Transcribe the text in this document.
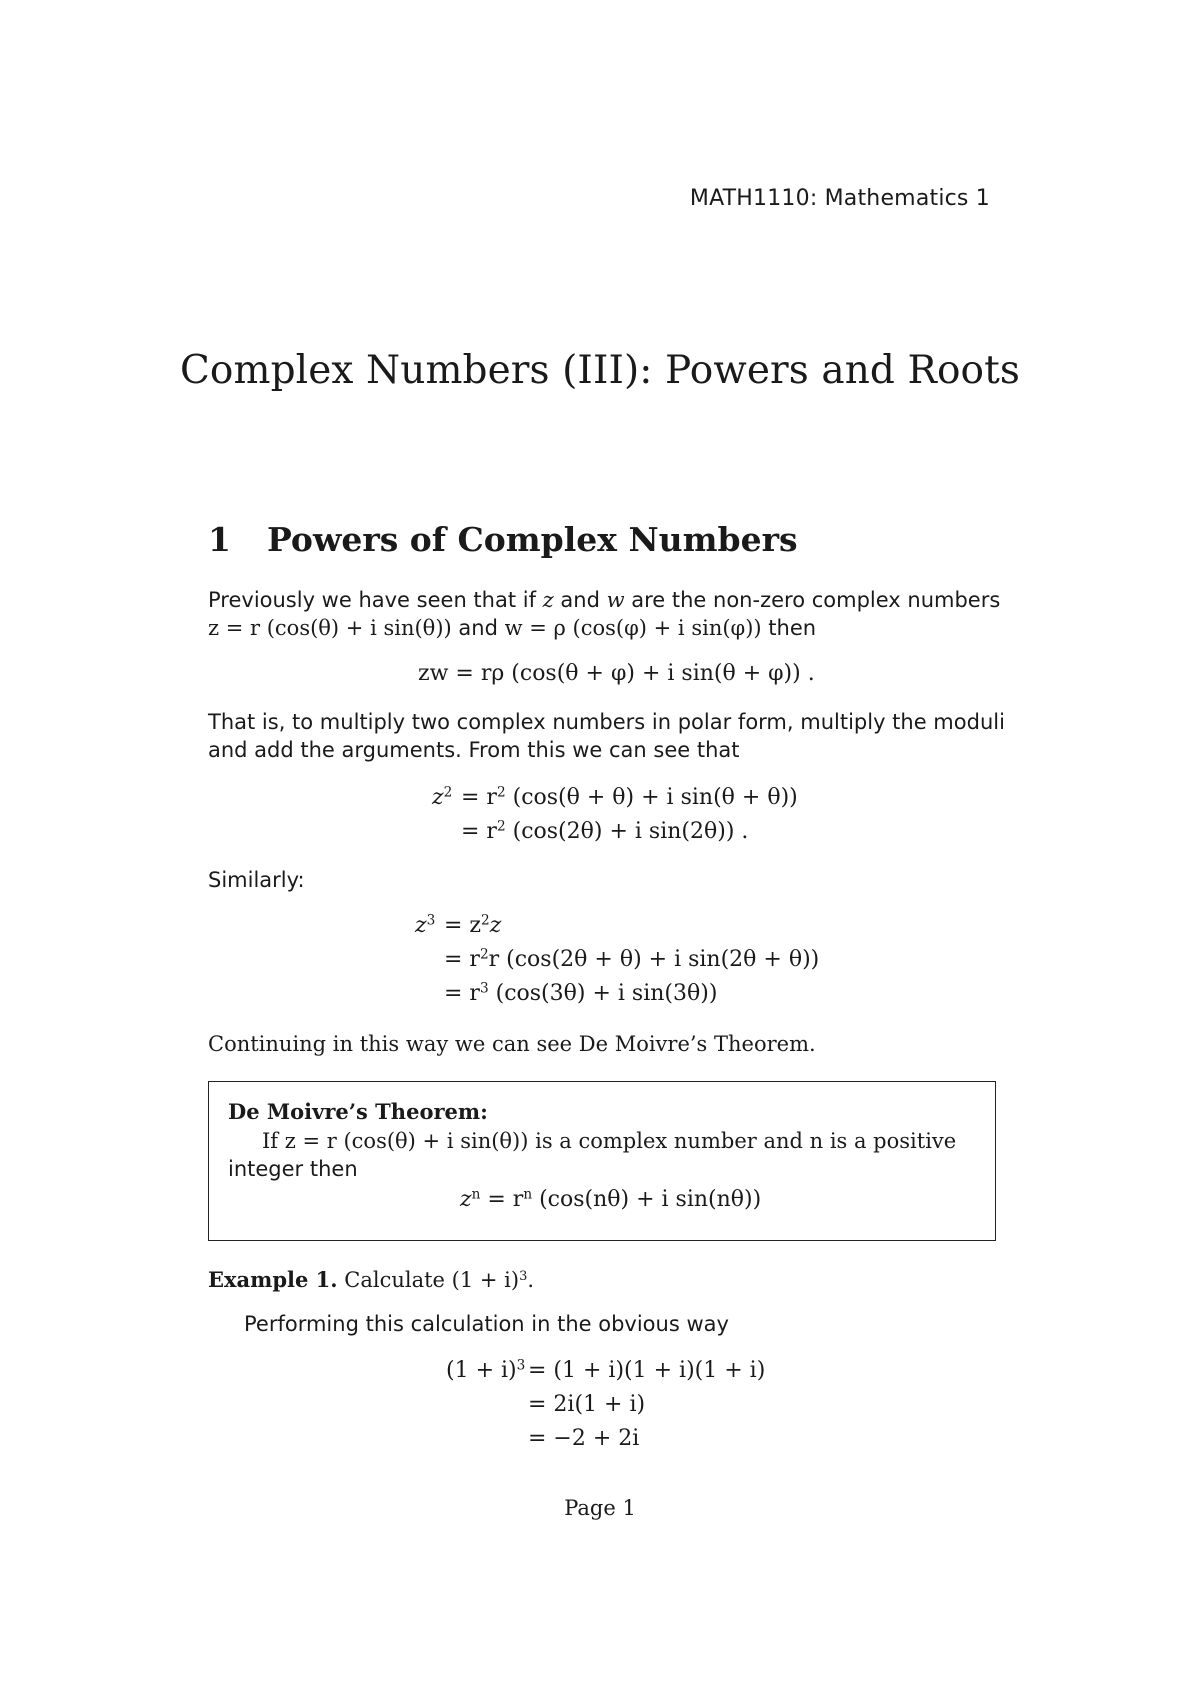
MATH1110: Mathematics 1
Complex Numbers (III): Powers and Roots
1 Powers of Complex Numbers
Previously we have seen that if z and w are the non-zero complex numbers
z = r (cos(θ) + i sin(θ)) and w = ρ (cos(φ) + i sin(φ)) then
zw = rρ (cos(θ + φ) + i sin(θ + φ)) .
That is, to multiply two complex numbers in polar form, multiply the moduli
and add the arguments. From this we can see that
$z^2 = r^2$ (cos(θ + θ) + i sin(θ + θ))
= $r^2$ (cos(2θ) + i sin(2θ)) .
Similarly:
$z^3 = z^2z$
= $r^2r$ (cos(2θ + θ) + i sin(2θ + θ))
= $r^3$ (cos(3θ) + i sin(3θ))
Continuing in this way we can see De Moivre’s Theorem.
De Moivre’s Theorem:
If z = r (cos(θ) + i sin(θ)) is a complex number and n is a positive
integer then
$z^n = r^n$ (cos(nθ) + i sin(nθ))
Example 1. Calculate $(1 + i)^3$.
Performing this calculation in the obvious way
$(1 + i)^3 = (1 + i)(1 + i)(1 + i)$
= 2i(1 + i)
= −2 + 2i
Page 1
